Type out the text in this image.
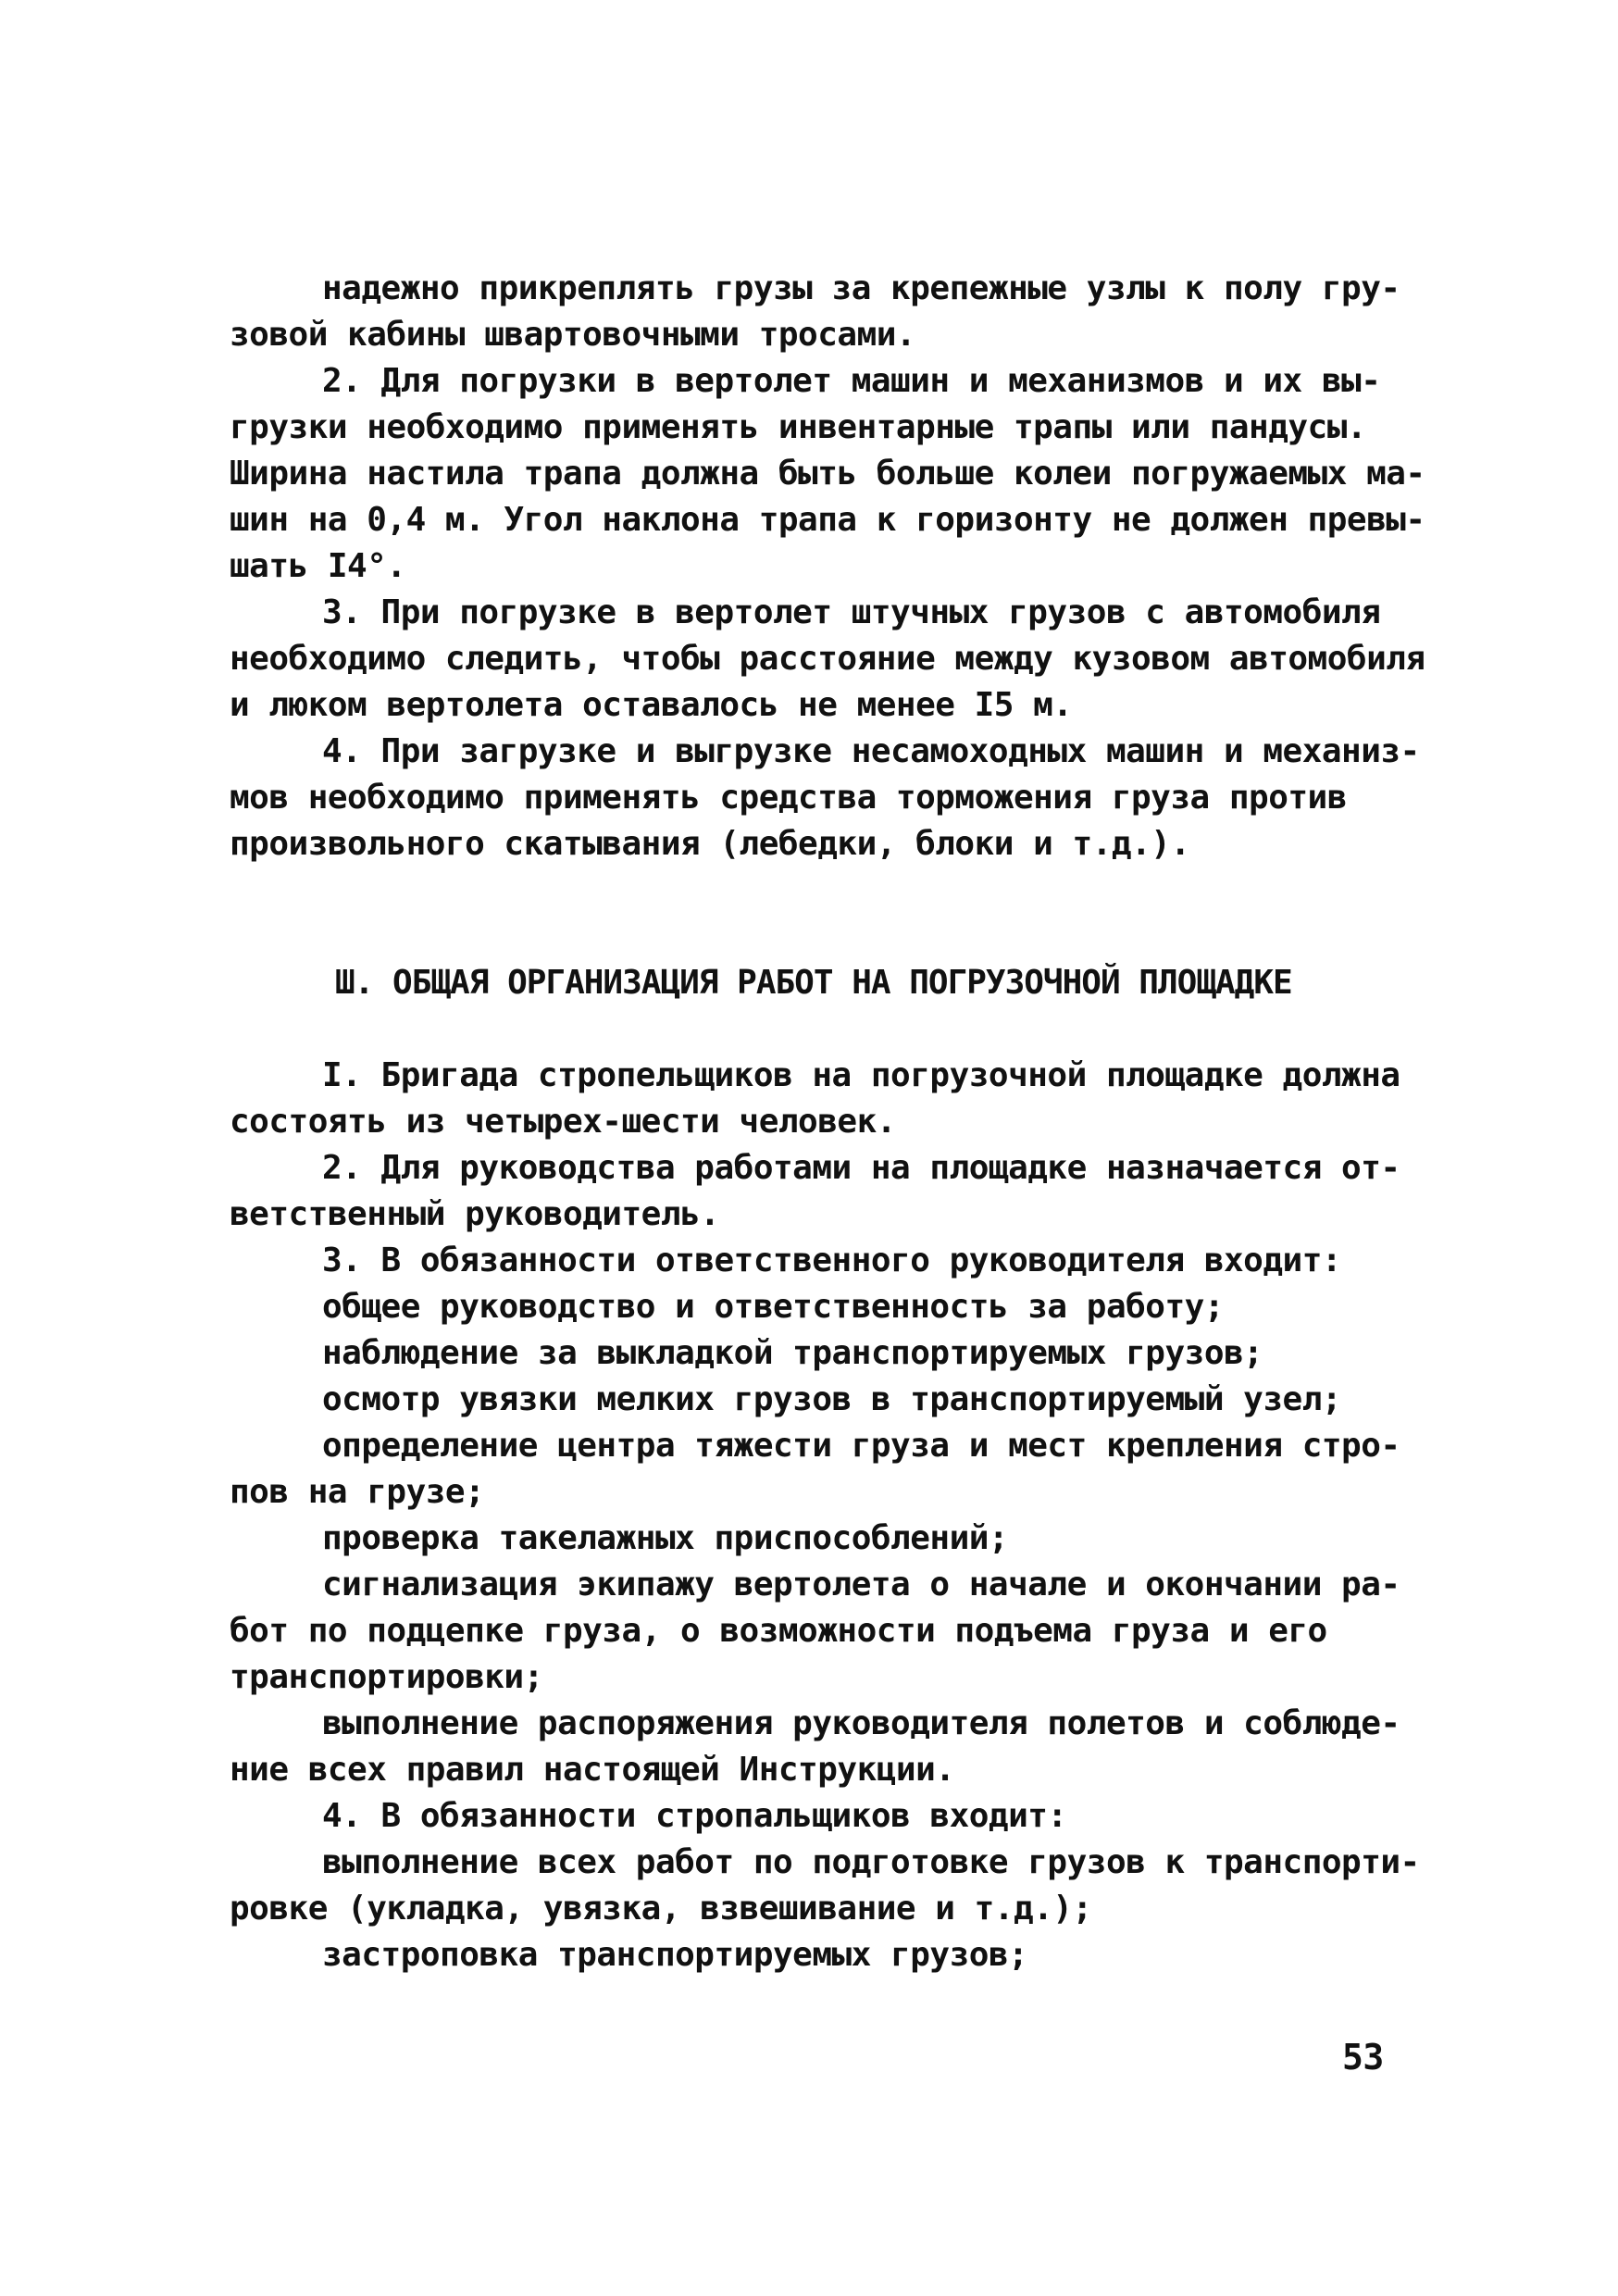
надежно прикреплять грузы за крепежные узлы к полу гру-
зовой кабины швартовочными тросами.
2. Для погрузки в вертолет машин и механизмов и их вы-
грузки необходимо применять инвентарные трапы или пандусы.
Ширина настила трапа должна быть больше колеи погружаемых ма-
шин на 0,4 м. Угол наклона трапа к горизонту не должен превы-
шать I4°.
3. При погрузке в вертолет штучных грузов с автомобиля
необходимо следить, чтобы расстояние между кузовом автомобиля
и люком вертолета оставалось не менее I5 м.
4. При загрузке и выгрузке несамоходных машин и механиз-
мов необходимо применять средства торможения груза против
произвольного скатывания (лебедки, блоки и т.д.).
Ш. ОБЩАЯ ОРГАНИЗАЦИЯ РАБОТ НА ПОГРУЗОЧНОЙ ПЛОЩАДКЕ
I. Бригада стропельщиков на погрузочной площадке должна
состоять из четырех-шести человек.
2. Для руководства работами на площадке назначается от-
ветственный руководитель.
3. В обязанности ответственного руководителя входит:
общее руководство и ответственность за работу;
наблюдение за выкладкой транспортируемых грузов;
осмотр увязки мелких грузов в транспортируемый узел;
определение центра тяжести груза и мест крепления стро-
пов на грузе;
проверка такелажных приспособлений;
сигнализация экипажу вертолета о начале и окончании ра-
бот по подцепке груза, о возможности подъема груза и его
транспортировки;
выполнение распоряжения руководителя полетов и соблюде-
ние всех правил настоящей Инструкции.
4. В обязанности стропальщиков входит:
выполнение всех работ по подготовке грузов к транспорти-
ровке (укладка, увязка, взвешивание и т.д.);
застроповка транспортируемых грузов;
53
